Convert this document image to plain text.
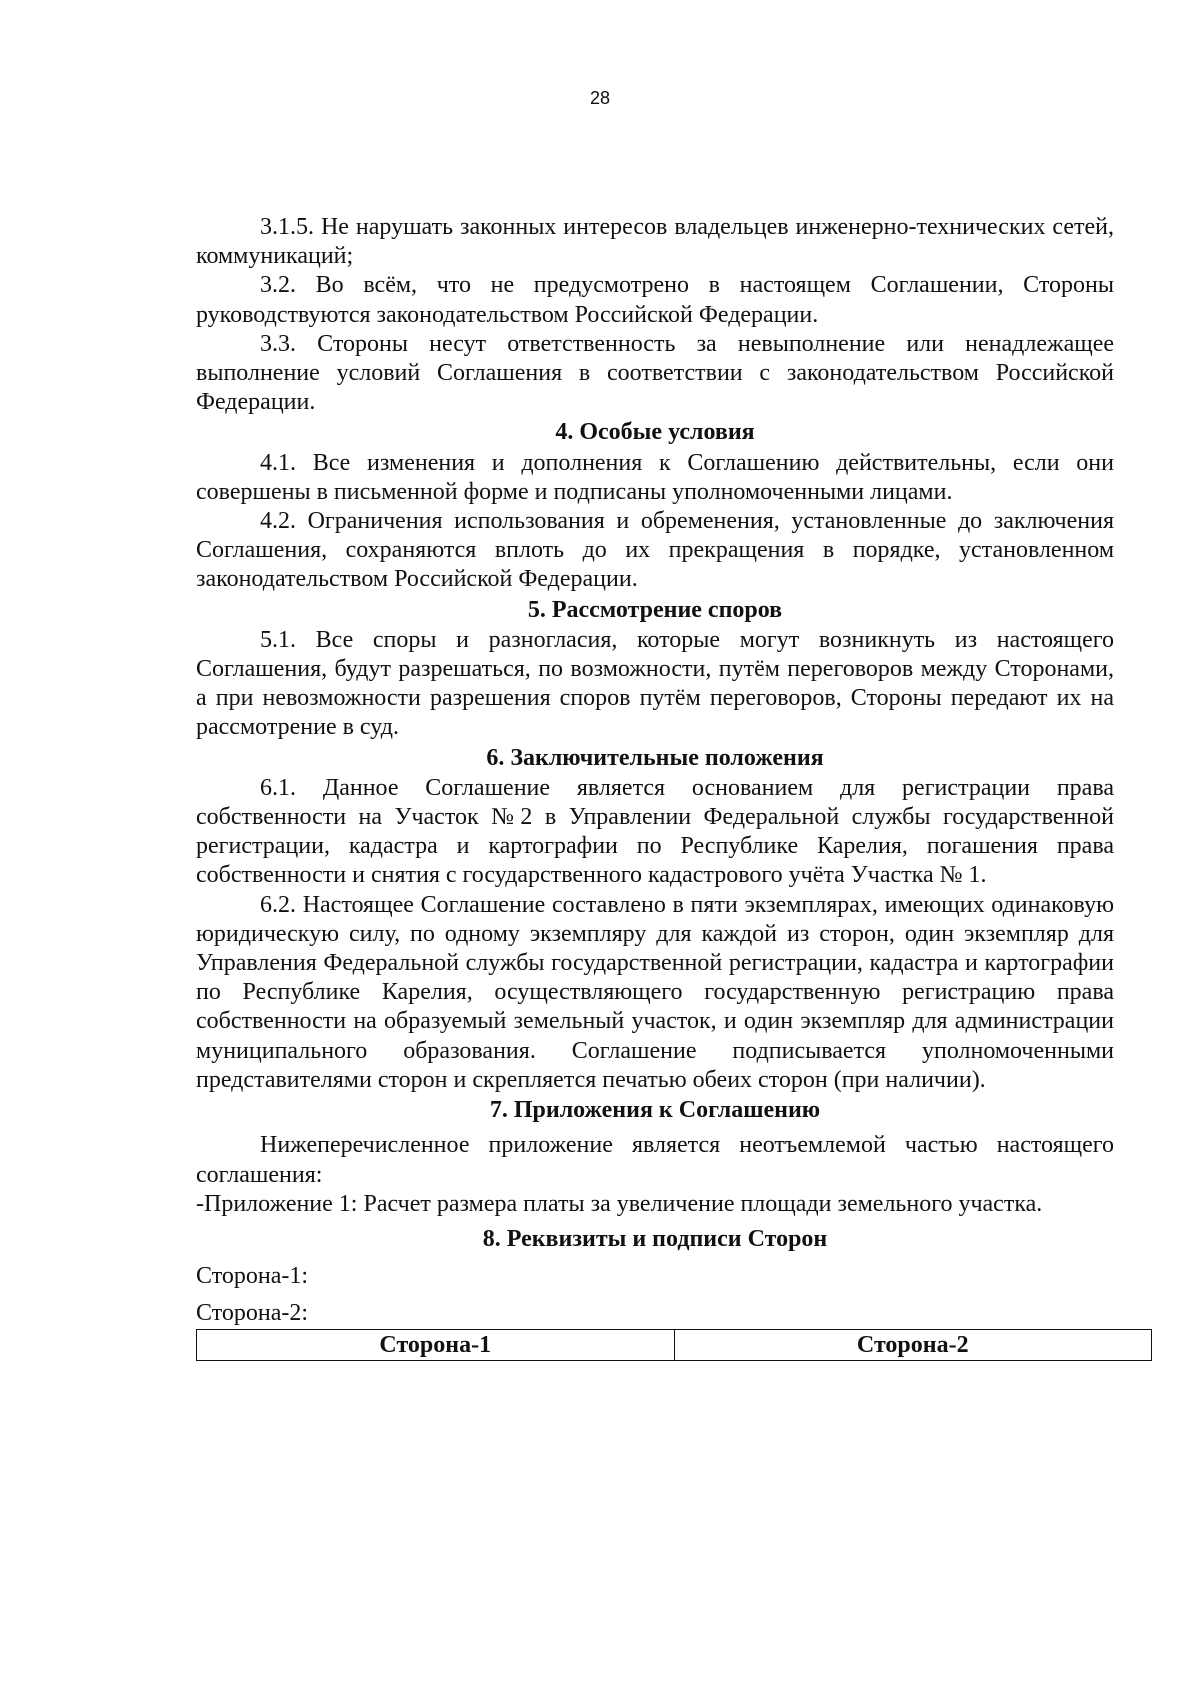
28

3.1.5. Не нарушать законных интересов владельцев инженерно-технических сетей, коммуникаций;

3.2. Во всём, что не предусмотрено в настоящем Соглашении, Стороны руководствуются законодательством Российской Федерации.

3.3. Стороны несут ответственность за невыполнение или ненадлежащее выполнение условий Соглашения в соответствии с законодательством Российской Федерации.

4. Особые условия

4.1. Все изменения и дополнения к Соглашению действительны, если они совершены в письменной форме и подписаны уполномоченными лицами.

4.2. Ограничения использования и обременения, установленные до заключения Соглашения, сохраняются вплоть до их прекращения в порядке, установленном законодательством Российской Федерации.

5. Рассмотрение споров

5.1. Все споры и разногласия, которые могут возникнуть из настоящего Соглашения, будут разрешаться, по возможности, путём переговоров между Сторонами, а при невозможности разрешения споров путём переговоров, Стороны передают их на рассмотрение в суд.

6. Заключительные положения

6.1. Данное Соглашение является основанием для регистрации права собственности на Участок №2 в Управлении Федеральной службы государственной регистрации, кадастра и картографии по Республике Карелия, погашения права собственности и снятия с государственного кадастрового учёта Участка № 1.

6.2. Настоящее Соглашение составлено в пяти экземплярах, имеющих одинаковую юридическую силу, по одному экземпляру для каждой из сторон, один экземпляр для Управления Федеральной службы государственной регистрации, кадастра и картографии по Республике Карелия, осуществляющего государственную регистрацию права собственности на образуемый земельный участок, и один экземпляр для администрации муниципального образования. Соглашение подписывается уполномоченными представителями сторон и скрепляется печатью обеих сторон (при наличии).

7. Приложения к Соглашению

Нижеперечисленное приложение является неотъемлемой частью настоящего соглашения:

-Приложение 1: Расчет размера платы за увеличение площади земельного участка.

8. Реквизиты и подписи Сторон

Сторона-1:

Сторона-2:

Сторона-1	Сторона-2
